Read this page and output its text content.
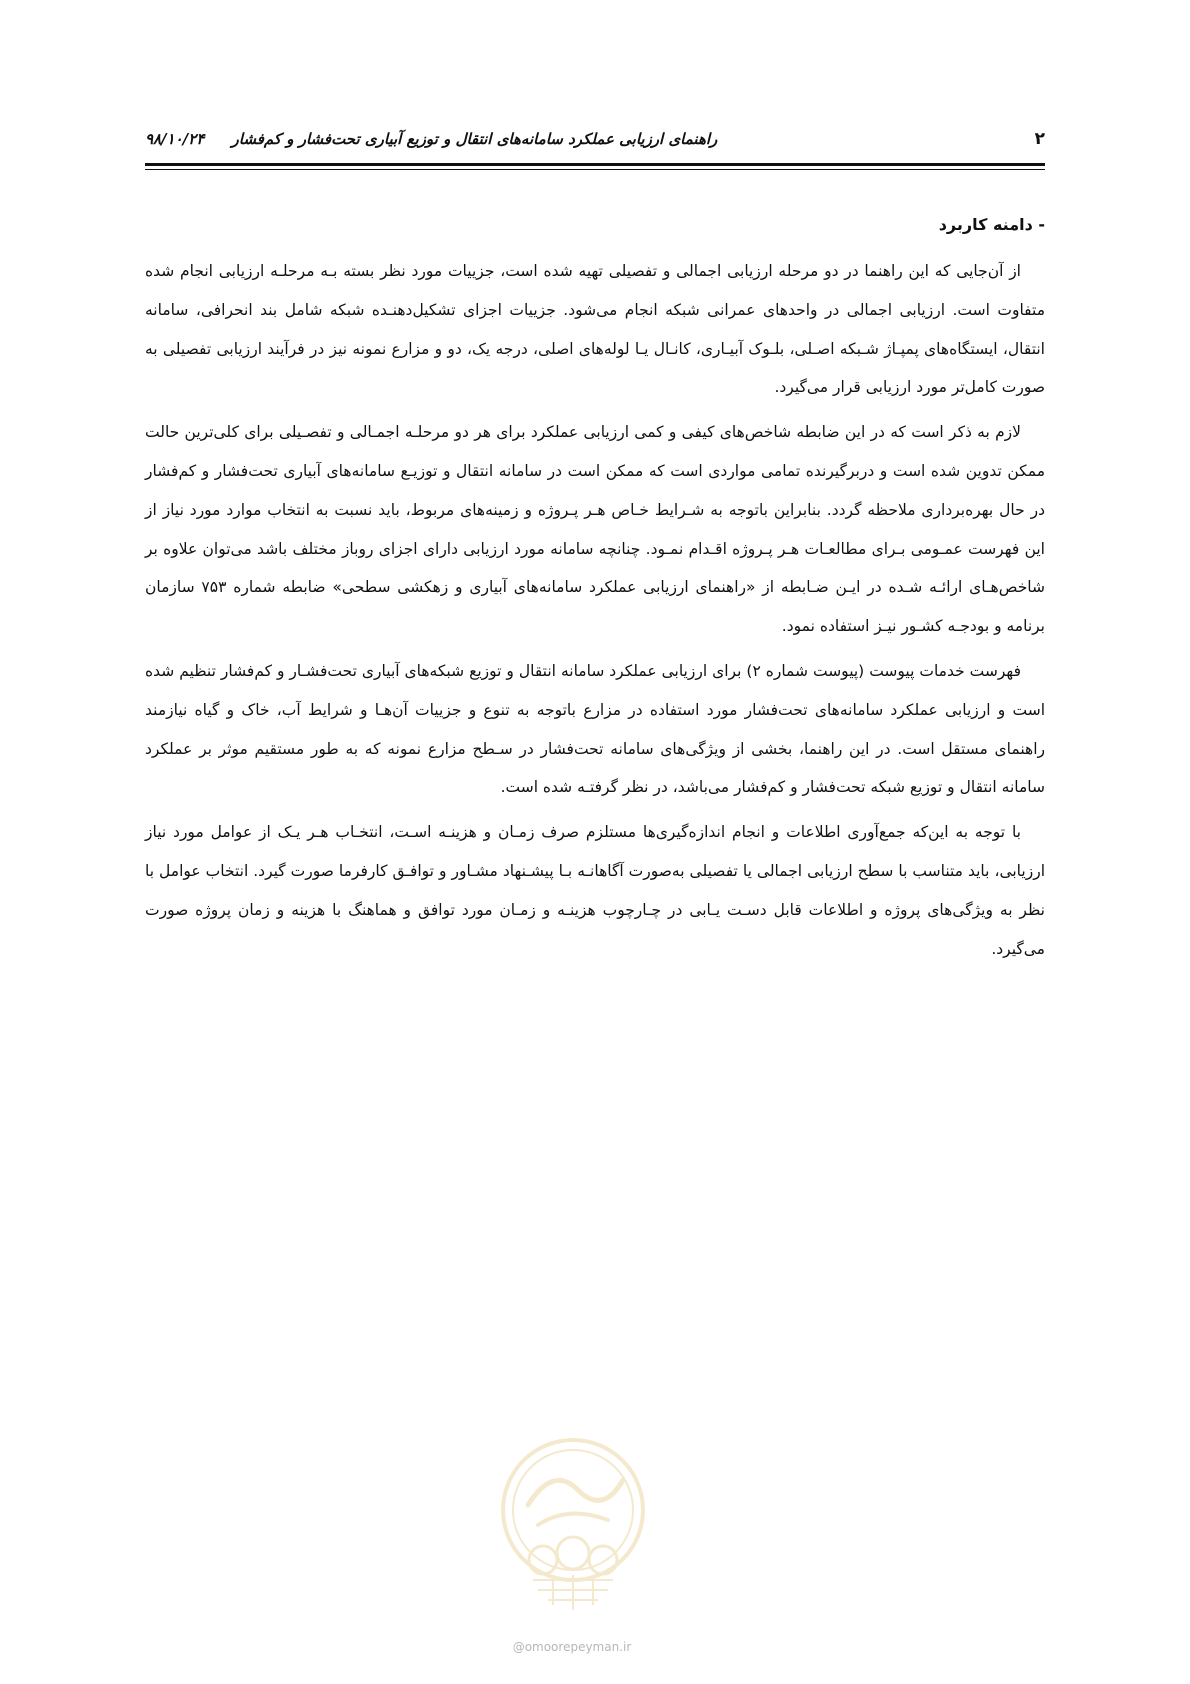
۲
راهنمای ارزیابی عملکرد سامانه‌های انتقال و توزیع آبیاری تحت‌فشار و کم‌فشار ۹۸/۱۰/۲۴
- دامنه کاربرد

از آن‌جایی که این راهنما در دو مرحله ارزیابی اجمالی و تفصیلی تهیه شده است، جزییات مورد نظر بسته بـه مرحلـه ارزیابی انجام شده متفاوت است. ارزیابی اجمالی در واحدهای عمرانی شبکه انجام می‌شود. جزییات اجزای تشکیل‌دهنـده شبکه شامل بند انحرافی، سامانه انتقال، ایستگاه‌های پمپـاژ شـبکه اصـلی، بلـوک آبیـاری، کانـال یـا لوله‌های اصلی، درجه یک، دو و مزارع نمونه نیز در فرآیند ارزیابی تفصیلی به صورت کامل‌تر مورد ارزیابی قرار می‌گیرد.

لازم به ذکر است که در این ضابطه شاخص‌های کیفی و کمی ارزیابی عملکرد برای هر دو مرحلـه اجمـالی و تفصـیلی برای کلی‌ترین حالت ممکن تدوین شده است و دربرگیرنده تمامی مواردی است که ممکن است در سامانه انتقال و توزیـع سامانه‌های آبیاری تحت‌فشار و کم‌فشار در حال بهره‌برداری ملاحظه گردد. بنابراین باتوجه به شـرایط خـاص هـر پـروژه و زمینه‌های مربوط، باید نسبت به انتخاب موارد مورد نیاز از این فهرست عمـومی بـرای مطالعـات هـر پـروژه اقـدام نمـود. چنانچه سامانه مورد ارزیابی دارای اجزای روباز مختلف باشد می‌توان علاوه بر شاخص‌هـای ارائـه شـده در ایـن ضـابطه از «راهنمای ارزیابی عملکرد سامانه‌های آبیاری و زهکشی سطحی» ضابطه شماره ۷۵۳ سازمان برنامه و بودجـه کشـور نیـز استفاده نمود.

فهرست خدمات پیوست (پیوست شماره ۲) برای ارزیابی عملکرد سامانه انتقال و توزیع شبکه‌های آبیاری تحت‌فشـار و کم‌فشار تنظیم شده است و ارزیابی عملکرد سامانه‌های تحت‌فشار مورد استفاده در مزارع باتوجه به تنوع و جزییات آن‌هـا و شرایط آب، خاک و گیاه نیازمند راهنمای مستقل است. در این راهنما، بخشی از ویژگی‌های سامانه تحت‌فشار در سـطح مزارع نمونه که به طور مستقیم موثر بر عملکرد سامانه انتقال و توزیع شبکه تحت‌فشار و کم‌فشار می‌باشد، در نظر گرفتـه شده است.

با توجه به این‌که جمع‌آوری اطلاعات و انجام اندازه‌گیری‌ها مستلزم صرف زمـان و هزینـه اسـت، انتخـاب هـر یـک از عوامل مورد نیاز ارزیابی، باید متناسب با سطح ارزیابی اجمالی یا تفصیلی به‌صورت آگاهانـه بـا پیشـنهاد مشـاور و توافـق کارفرما صورت گیرد. انتخاب عوامل با نظر به ویژگی‌های پروژه و اطلاعات قابل دسـت یـابی در چـارچوب هزینـه و زمـان مورد توافق و هماهنگ با هزینه و زمان پروژه صورت می‌گیرد.

@omoorepeyman.ir
